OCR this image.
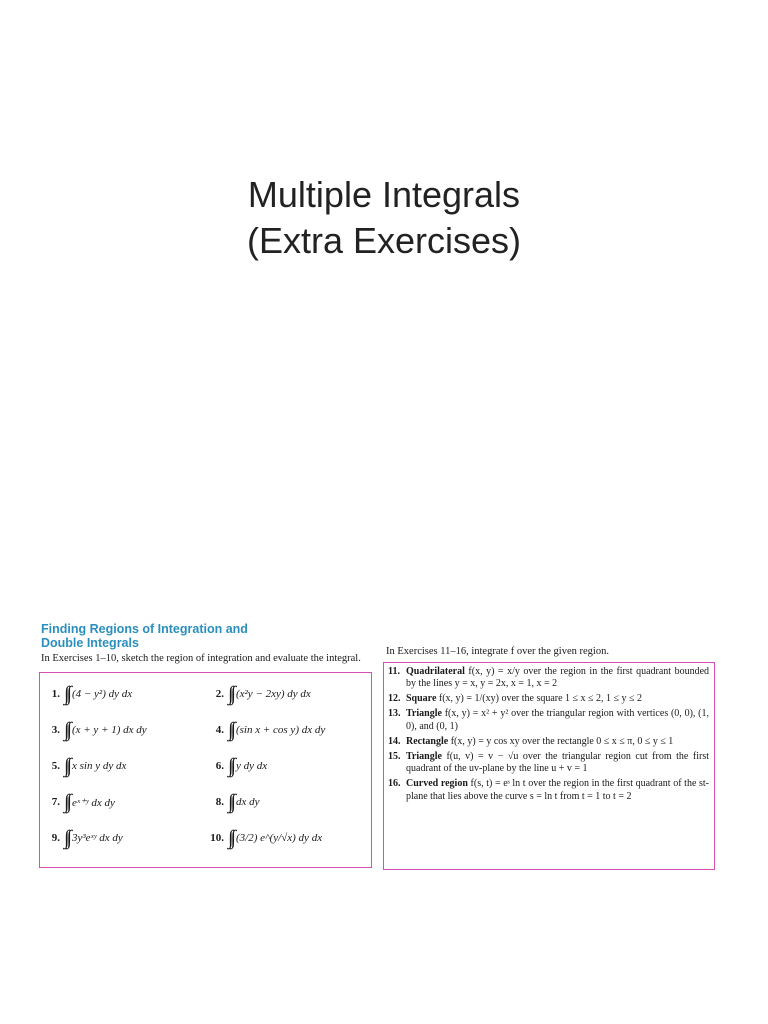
Multiple Integrals
(Extra Exercises)
Finding Regions of Integration and
Double Integrals
In Exercises 1–10, sketch the region of integration and evaluate the integral.
1. ∫∫ (4 − y²) dy dx	2. ∫∫ (x²y − 2xy) dy dx
3. ∫∫ (x + y + 1) dx dy	4. ∫∫ (sin x + cos y) dx dy
5. ∫∫ x sin y dy dx	6. ∫∫ y dy dx
7. ∫∫ eˣ⁺ʸ dx dy	8. ∫∫ dx dy
9. ∫∫ 3y³eˣʸ dx dy	10. ∫∫ (3/2) e^(y/√x) dy dx
In Exercises 11–16, integrate f over the given region.
11. Quadrilateral f(x, y) = x/y over the region in the first quadrant bounded by the lines y = x, y = 2x, x = 1, x = 2
12. Square f(x, y) = 1/(xy) over the square 1 ≤ x ≤ 2, 1 ≤ y ≤ 2
13. Triangle f(x, y) = x² + y² over the triangular region with vertices (0, 0), (1, 0), and (0, 1)
14. Rectangle f(x, y) = y cos xy over the rectangle 0 ≤ x ≤ π, 0 ≤ y ≤ 1
15. Triangle f(u, v) = v − √u over the triangular region cut from the first quadrant of the uv-plane by the line u + v = 1
16. Curved region f(s, t) = eˢ ln t over the region in the first quadrant of the st-plane that lies above the curve s = ln t from t = 1 to t = 2
